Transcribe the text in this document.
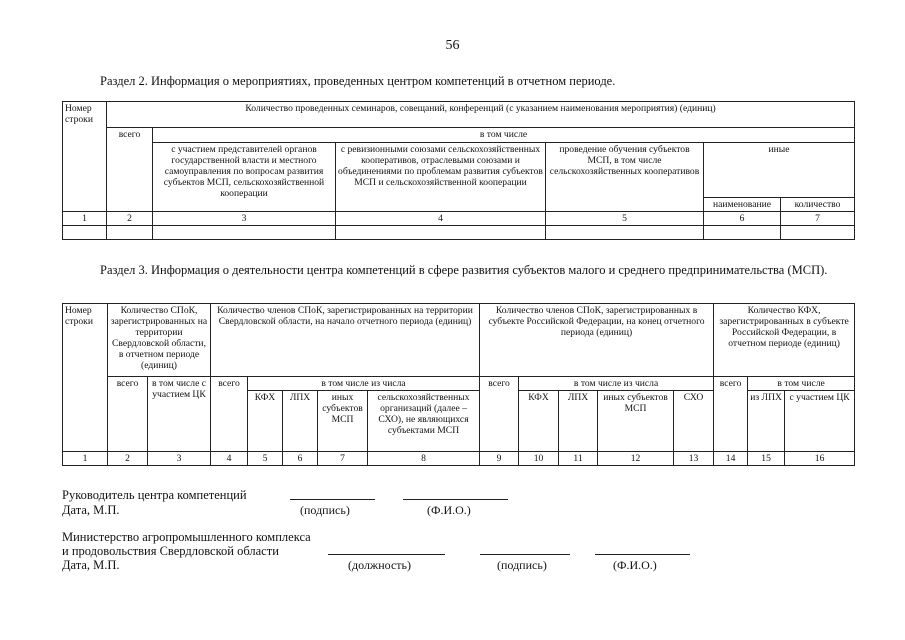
56
Раздел 2. Информация о мероприятиях, проведенных центром компетенций в отчетном периоде.
Номер строки	Количество проведенных семинаров, совещаний, конференций (с указанием наименования мероприятия) (единиц)					
	всего	в том числе				
		с участием представителей органов государственной власти и местного самоуправления по вопросам развития субъектов МСП, сельскохозяйственной кооперации	с ревизионными союзами сельскохозяйственных кооперативов, отраслевыми союзами и объединениями по проблемам развития субъектов МСП и сельскохозяйственной кооперации	проведение обучения субъектов МСП, в том числе сельскохозяйственных кооперативов	иные	
					наименование	количество
1	2	3	4	5	6	7

Раздел 3. Информация о деятельности центра компетенций в сфере развития субъектов малого и среднего предпринимательства (МСП).
Номер строки	Количество СПоК, зарегистрированных на территории Свердловской области, в отчетном периоде (единиц)		Количество членов СПоК, зарегистрированных на территории Свердловской области, на начало отчетного периода (единиц)					Количество членов СПоК, зарегистрированных в субъекте Российской Федерации, на конец отчетного периода (единиц)					Количество КФХ, зарегистрированных в субъекте Российской Федерации, в отчетном периоде (единиц)		
	всего	в том числе с участием ЦК	всего	в том числе из числа				всего	в том числе из числа				всего	в том числе	
				КФХ	ЛПХ	иных субъектов МСП	сельскохозяйственных организаций (далее – СХО), не являющихся субъектами МСП		КФХ	ЛПХ	иных субъектов МСП	СХО		из ЛПХ	с участием ЦК
1	2	3	4	5	6	7	8	9	10	11	12	13	14	15	16
Руководитель центра компетенций
Дата, М.П.	(подпись)	(Ф.И.О.)
Министерство агропромышленного комплекса
и продовольствия Свердловской области
Дата, М.П.	(должность)	(подпись)	(Ф.И.О.)
